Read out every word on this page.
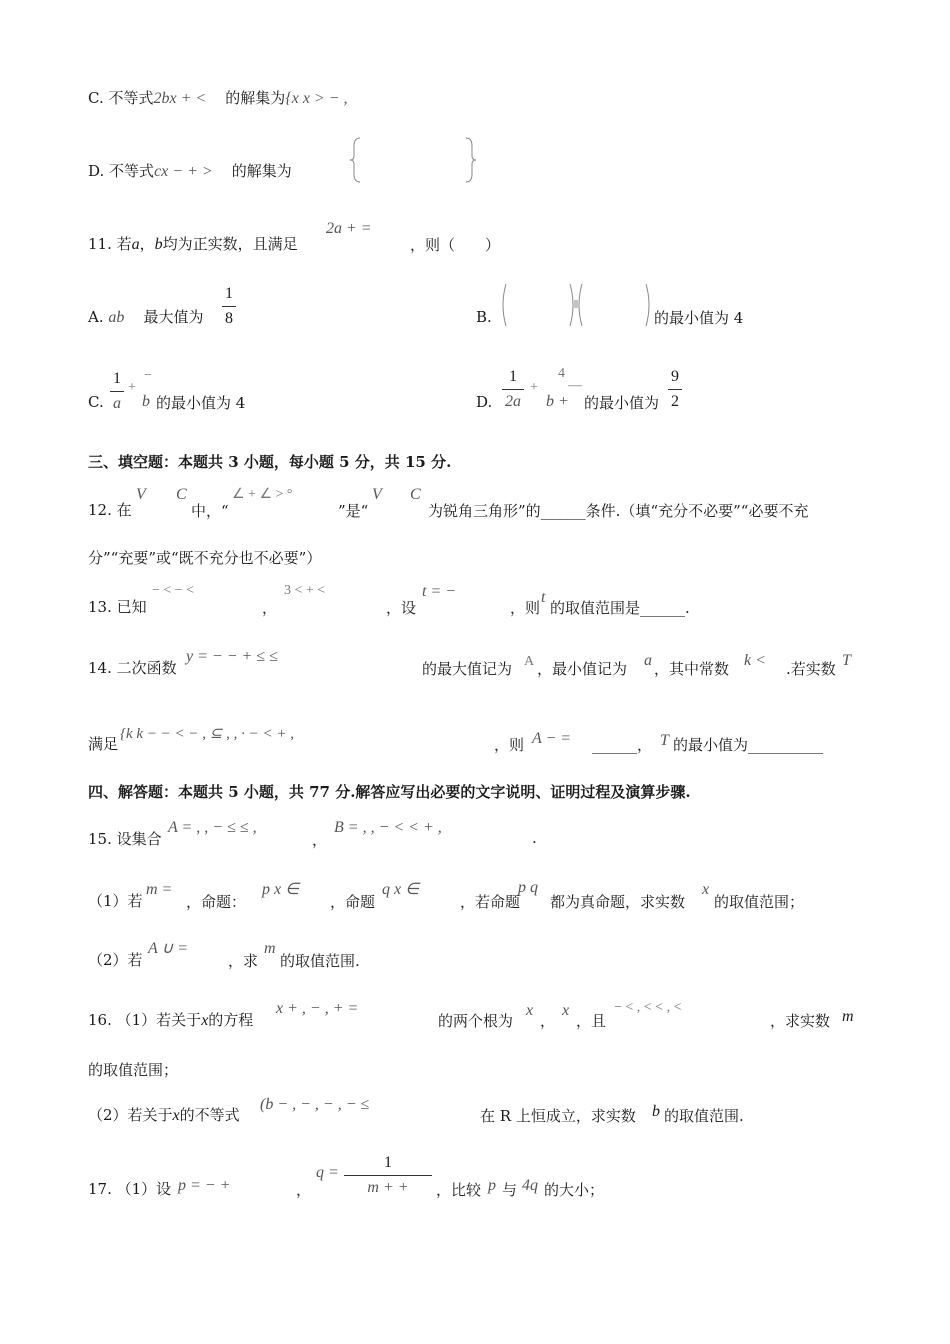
C. 不等式2bx + < 的解集为{x x > − ,
D. 不等式cx − + > 的解集为
11. 若a，b均为正实数，且满足
2a + =
，则（　　）
A. ab 最大值为
1
8	B.	的最小值为 4
C.
1
a
+
−
b 的最小值为 4	D.
1
2a
+
4
—
b + 的最小值为
9
2
三、填空题：本题共 3 小题，每小题 5 分，共 15 分.
12. 在
V C
中，“
∠ + ∠ > °
”是“
V C
为锐角三角形”的______条件.（填“充分不必要”“必要不充
分”“充要”或“既不充分也不必要”）
13. 已知
− < − <
，
3 < + <
，设
t = −
，则
t
的取值范围是______.
14. 二次函数
y = − − + ≤ ≤
的最大值记为 A ，最小值记为 a ，其中常数 k < .若实数 T
满足
{k k − − < − , ⊆ , , · − < + ,
，则 A − = ______， T 的最小值为__________
四、解答题：本题共 5 小题，共 77 分.解答应写出必要的文字说明、证明过程及演算步骤.
15. 设集合
A = , , − ≤ ≤ ,
，
B = , , − < < + ,
.
（1）若
m =
，命题：
p x ∈
，命题
q x ∈
，若命题
p q
都为真命题，求实数
x
的取值范围；
（2）若
A ∪ =
，求
m
的取值范围.
16. （1）若关于x的方程
x + , − , + =
的两个根为
x
，
x
，且
− < , < < , <
，求实数 m
的取值范围；
（2）若关于x的不等式
(b − , − , − , − ≤
在 R 上恒成立，求实数 b 的取值范围.
17. （1）设 p = − +	，
q =
1
m + +	，比较 p 与 4q 的大小；
